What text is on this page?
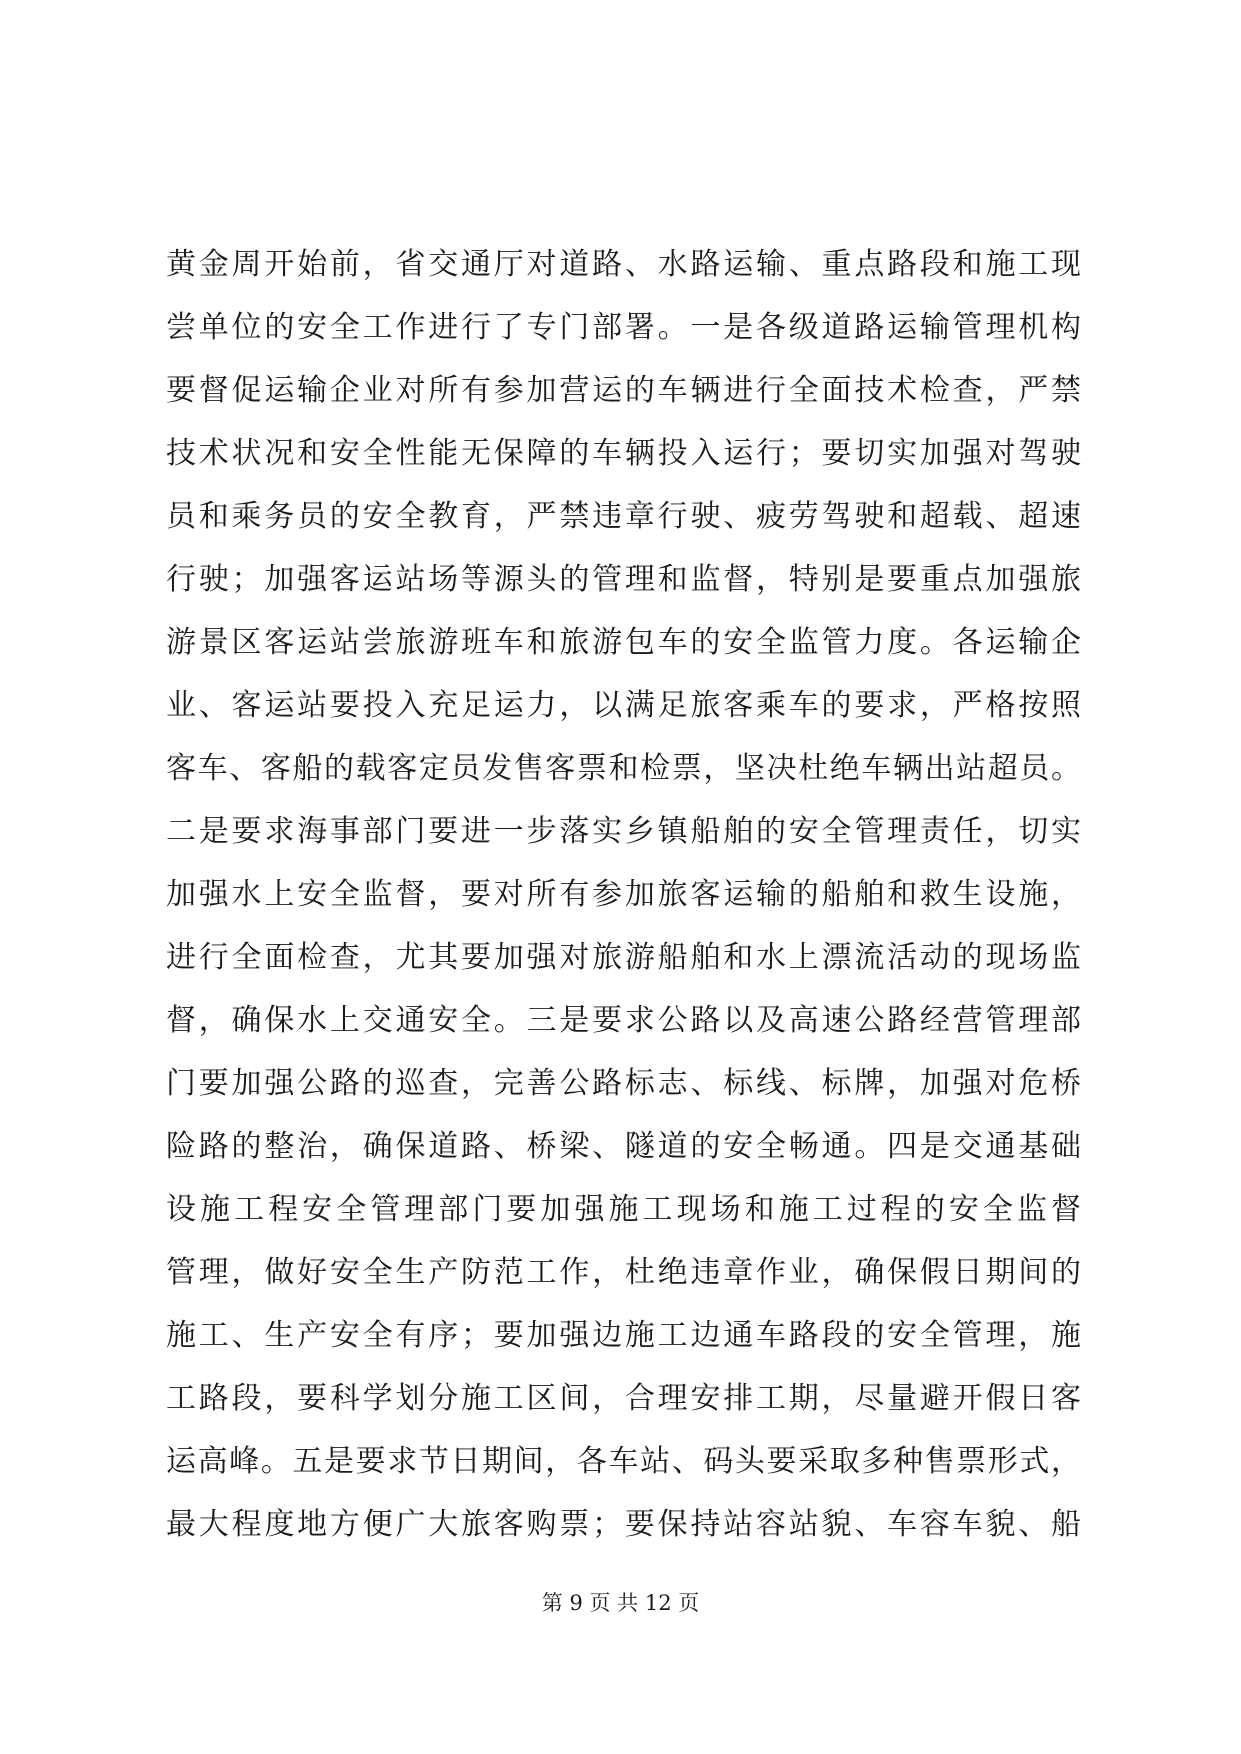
黄金周开始前，省交通厅对道路、水路运输、重点路段和施工现
尝单位的安全工作进行了专门部署。一是各级道路运输管理机构
要督促运输企业对所有参加营运的车辆进行全面技术检查，严禁
技术状况和安全性能无保障的车辆投入运行；要切实加强对驾驶
员和乘务员的安全教育，严禁违章行驶、疲劳驾驶和超载、超速
行驶；加强客运站场等源头的管理和监督，特别是要重点加强旅
游景区客运站尝旅游班车和旅游包车的安全监管力度。各运输企
业、客运站要投入充足运力，以满足旅客乘车的要求，严格按照
客车、客船的载客定员发售客票和检票，坚决杜绝车辆出站超员。
二是要求海事部门要进一步落实乡镇船舶的安全管理责任，切实
加强水上安全监督，要对所有参加旅客运输的船舶和救生设施，
进行全面检查，尤其要加强对旅游船舶和水上漂流活动的现场监
督，确保水上交通安全。三是要求公路以及高速公路经营管理部
门要加强公路的巡查，完善公路标志、标线、标牌，加强对危桥
险路的整治，确保道路、桥梁、隧道的安全畅通。四是交通基础
设施工程安全管理部门要加强施工现场和施工过程的安全监督
管理，做好安全生产防范工作，杜绝违章作业，确保假日期间的
施工、生产安全有序；要加强边施工边通车路段的安全管理，施
工路段，要科学划分施工区间，合理安排工期，尽量避开假日客
运高峰。五是要求节日期间，各车站、码头要采取多种售票形式，
最大程度地方便广大旅客购票；要保持站容站貌、车容车貌、船
第 9 页 共 12 页
